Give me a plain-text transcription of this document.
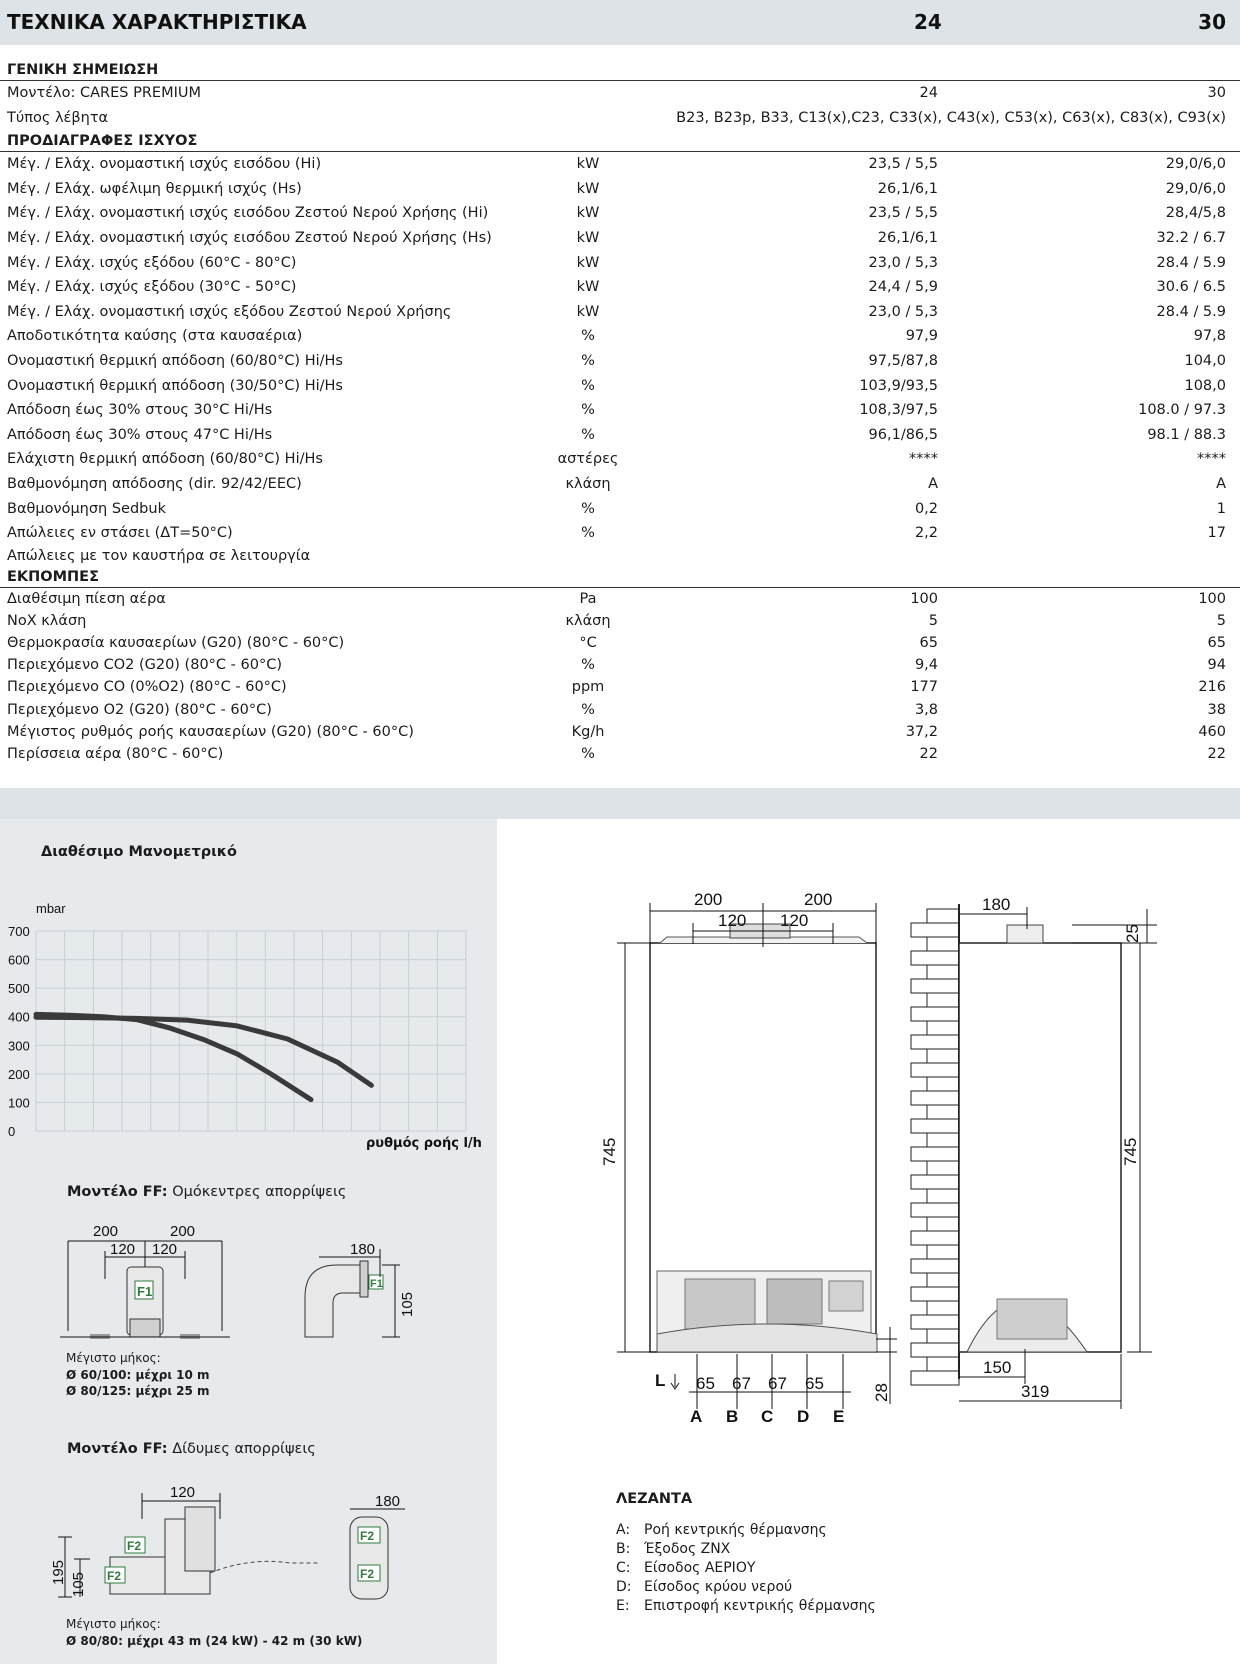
ΤΕΧΝΙΚΑ ΧΑΡΑΚΤΗΡΙΣΤΙΚΑ	24	30
ΓΕΝΙΚΗ ΣΗΜΕΙΩΣΗ
Μοντέλο: CARES PREMIUM	24	30
Τύπος λέβητα	B23, B23p, B33, C13(x),C23, C33(x), C43(x), C53(x), C63(x), C83(x), C93(x)
ΠΡΟΔΙΑΓΡΑΦΕΣ ΙΣΧΥΟΣ
Μέγ. / Ελάχ. ονομαστική ισχύς εισόδου (Hi)	kW	23,5 / 5,5	29,0/6,0
Μέγ. / Ελάχ. ωφέλιμη θερμική ισχύς (Hs)	kW	26,1/6,1	29,0/6,0
Μέγ. / Ελάχ. ονομαστική ισχύς εισόδου Ζεστού Νερού Χρήσης (Hi)	kW	23,5 / 5,5	28,4/5,8
Μέγ. / Ελάχ. ονομαστική ισχύς εισόδου Ζεστού Νερού Χρήσης (Hs)	kW	26,1/6,1	32.2 / 6.7
Μέγ. / Ελάχ. ισχύς εξόδου (60°C - 80°C)	kW	23,0 / 5,3	28.4 / 5.9
Μέγ. / Ελάχ. ισχύς εξόδου (30°C - 50°C)	kW	24,4 / 5,9	30.6 / 6.5
Μέγ. / Ελάχ. ονομαστική ισχύς εξόδου Ζεστού Νερού Χρήσης	kW	23,0 / 5,3	28.4 / 5.9
Αποδοτικότητα καύσης (στα καυσαέρια)	%	97,9	97,8
Ονομαστική θερμική απόδοση (60/80°C) Hi/Hs	%	97,5/87,8	104,0
Ονομαστική θερμική απόδοση (30/50°C) Hi/Hs	%	103,9/93,5	108,0
Απόδοση έως 30% στους 30°C Hi/Hs	%	108,3/97,5	108.0 / 97.3
Απόδοση έως 30% στους 47°C Hi/Hs	%	96,1/86,5	98.1 / 88.3
Ελάχιστη θερμική απόδοση (60/80°C) Hi/Hs	αστέρες	****	****
Βαθμονόμηση απόδοσης (dir. 92/42/EEC)	κλάση	A	A
Βαθμονόμηση Sedbuk	%	0,2	1
Απώλειες εν στάσει (ΔT=50°C)	%	2,2	17
Απώλειες με τον καυστήρα σε λειτουργία
ΕΚΠΟΜΠΕΣ
Διαθέσιμη πίεση αέρα	Pa	100	100
NoX κλάση	κλάση	5	5
Θερμοκρασία καυσαερίων (G20) (80°C - 60°C)	°C	65	65
Περιεχόμενο CO2 (G20) (80°C - 60°C)	%	9,4	94
Περιεχόμενο CO (0%O2) (80°C - 60°C)	ppm	177	216
Περιεχόμενο O2 (G20) (80°C - 60°C)	%	3,8	38
Μέγιστος ρυθμός ροής καυσαερίων (G20) (80°C - 60°C)	Kg/h	37,2	460
Περίσσεια αέρα (80°C - 60°C)	%	22	22
Διαθέσιμο Μανομετρικό
700
600
500
400
300
200
100
0
mbar
ρυθμός ροής l/h
Μοντέλο FF: Ομόκεντρες απορρίψεις
200	200
120 120
F1	F1
180
105
Μέγιστο μήκος:
Ø 60/100: μέχρι 10 m
Ø 80/125: μέχρι 25 m
Μοντέλο FF: Δίδυμες απορρίψεις
120
195 105
F2
F2
F2
F2
180
Μέγιστο μήκος:
Ø 80/80: μέχρι 43 m (24 kW) - 42 m (30 kW)
200	200
120 120
745
28
65 67 67 65
L
A B C D E
180
25
745
150
319
ΛΕΖΑΝΤΑ
A: Ροή κεντρικής θέρμανσης
B: Έξοδος ΖΝΧ
C: Είσοδος ΑΕΡΙΟΥ
D: Είσοδος κρύου νερού
E: Επιστροφή κεντρικής θέρμανσης
